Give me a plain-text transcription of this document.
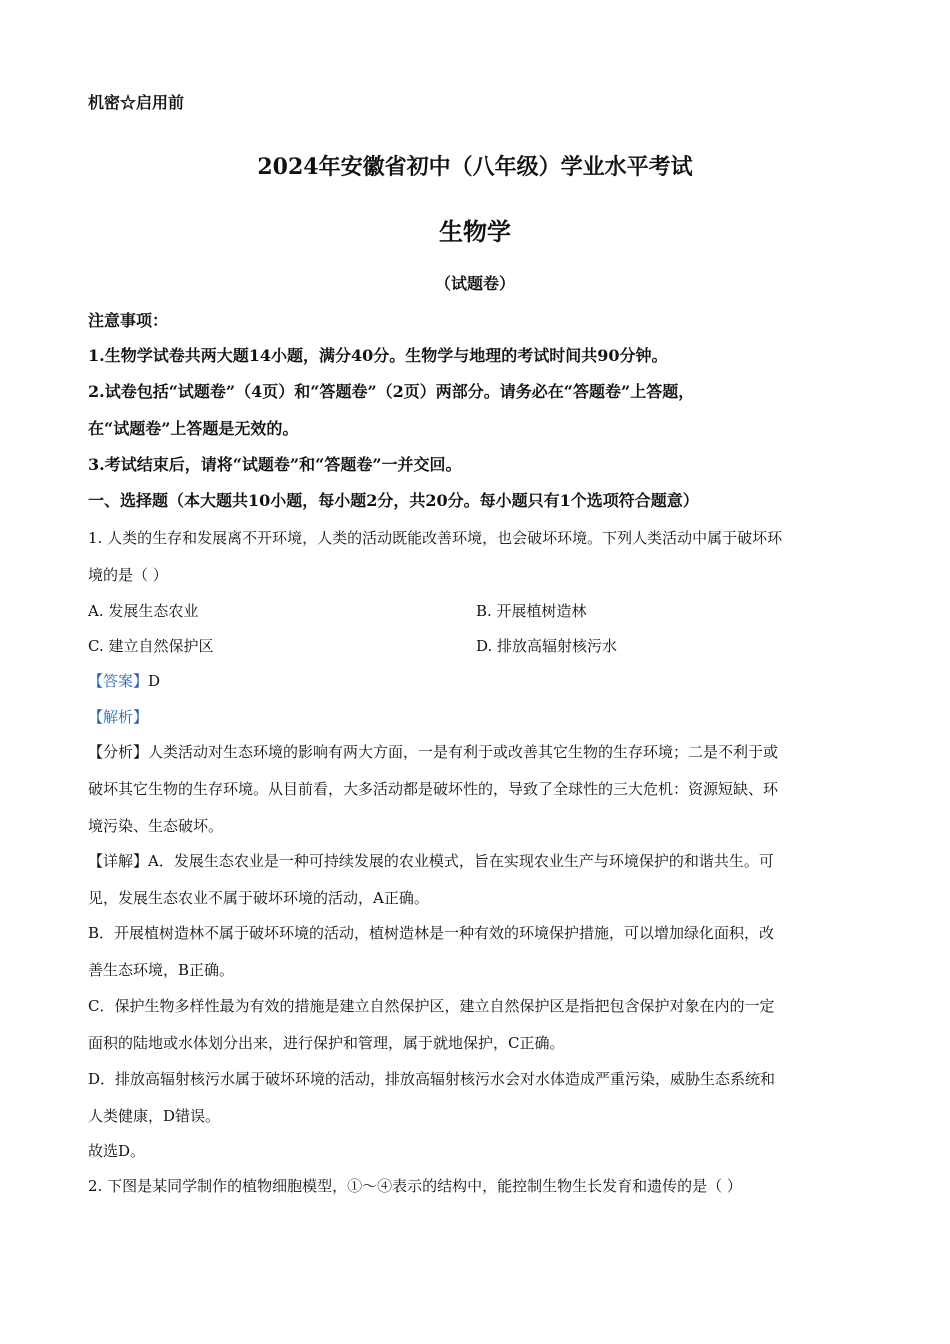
机密☆启用前
2024年安徽省初中（八年级）学业水平考试
生物学
（试题卷）
注意事项：
1.生物学试卷共两大题14小题，满分40分。生物学与地理的考试时间共90分钟。
2.试卷包括“试题卷”（4页）和“答题卷”（2页）两部分。请务必在“答题卷”上答题，
在“试题卷”上答题是无效的。
3.考试结束后，请将“试题卷”和“答题卷”一并交回。
一、选择题（本大题共10小题，每小题2分，共20分。每小题只有1个选项符合题意）
1. 人类的生存和发展离不开环境，人类的活动既能改善环境，也会破坏环境。下列人类活动中属于破坏环
境的是（ ）
A. 发展生态农业	B. 开展植树造林
C. 建立自然保护区	D. 排放高辐射核污水
【答案】D
【解析】
【分析】人类活动对生态环境的影响有两大方面，一是有利于或改善其它生物的生存环境；二是不利于或
破坏其它生物的生存环境。从目前看，大多活动都是破坏性的，导致了全球性的三大危机：资源短缺、环
境污染、生态破坏。
【详解】A．发展生态农业是一种可持续发展的农业模式，旨在实现农业生产与环境保护的和谐共生。可
见，发展生态农业不属于破坏环境的活动，A正确。
B．开展植树造林不属于破坏环境的活动，植树造林是一种有效的环境保护措施，可以增加绿化面积，改
善生态环境，B正确。
C．保护生物多样性最为有效的措施是建立自然保护区，建立自然保护区是指把包含保护对象在内的一定
面积的陆地或水体划分出来，进行保护和管理，属于就地保护，C正确。
D．排放高辐射核污水属于破坏环境的活动，排放高辐射核污水会对水体造成严重污染，威胁生态系统和
人类健康，D错误。
故选D。
2. 下图是某同学制作的植物细胞模型，①～④表示的结构中，能控制生物生长发育和遗传的是（ ）
